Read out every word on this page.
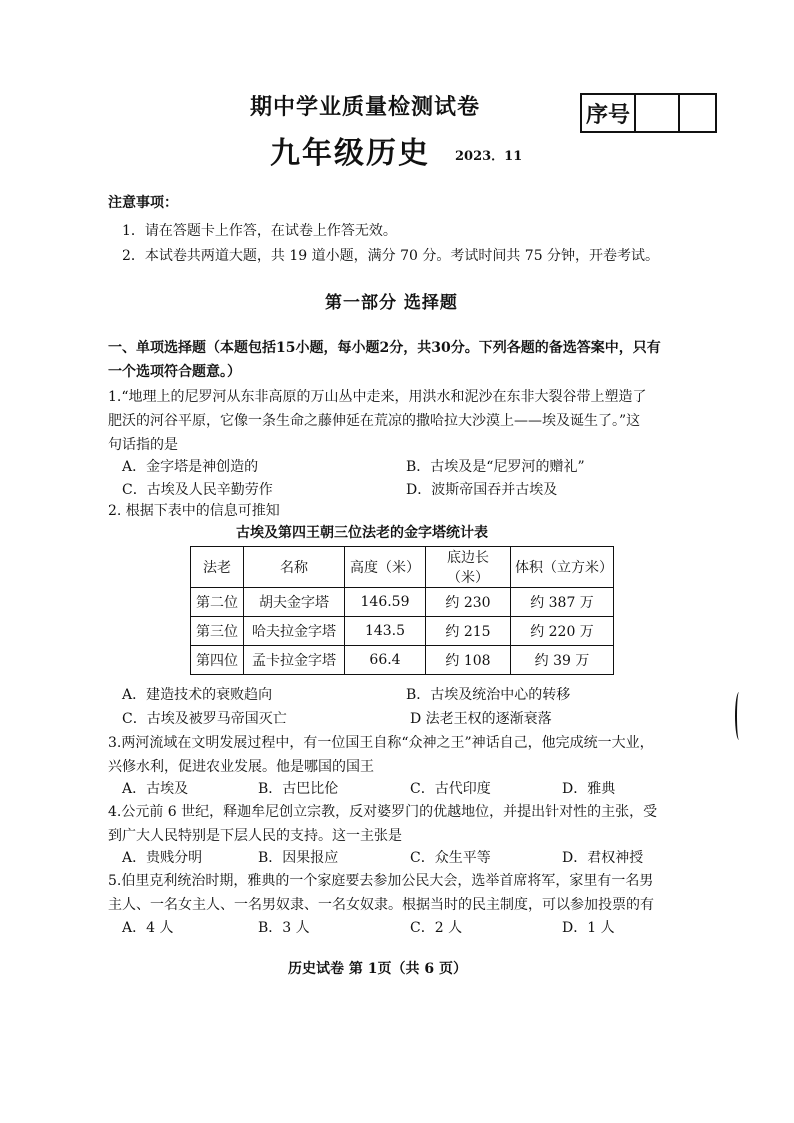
期中学业质量检测试卷
九年级历史 2023．11
序号
注意事项：
1．请在答题卡上作答，在试卷上作答无效。
2．本试卷共两道大题，共 19 道小题，满分 70 分。考试时间共 75 分钟，开卷考试。
第一部分 选择题
一、单项选择题（本题包括15小题，每小题2分，共30分。下列各题的备选答案中，只有
一个选项符合题意。）
1.“地理上的尼罗河从东非高原的万山丛中走来，用洪水和泥沙在东非大裂谷带上塑造了
肥沃的河谷平原，它像一条生命之藤伸延在荒凉的撒哈拉大沙漠上——埃及诞生了。”这
句话指的是
A．金字塔是神创造的	B．古埃及是“尼罗河的赠礼”
C．古埃及人民辛勤劳作	D．波斯帝国吞并古埃及
2. 根据下表中的信息可推知
古埃及第四王朝三位法老的金字塔统计表
法老	名称	高度（米）	底边长（米）	体积（立方米）
第二位	胡夫金字塔	146.59	约 230	约 387 万
第三位	哈夫拉金字塔	143.5	约 215	约 220 万
第四位	孟卡拉金字塔	66.4	约 108	约 39 万
A．建造技术的衰败趋向	B．古埃及统治中心的转移
C．古埃及被罗马帝国灭亡	D 法老王权的逐渐衰落
3.两河流域在文明发展过程中，有一位国王自称“众神之王”神话自己，他完成统一大业，
兴修水利，促进农业发展。他是哪国的国王
A．古埃及	B．古巴比伦	C．古代印度	D．雅典
4.公元前 6 世纪，释迦牟尼创立宗教，反对婆罗门的优越地位，并提出针对性的主张，受
到广大人民特别是下层人民的支持。这一主张是
A．贵贱分明	B．因果报应	C．众生平等	D．君权神授
5.伯里克利统治时期，雅典的一个家庭要去参加公民大会，选举首席将军，家里有一名男
主人、一名女主人、一名男奴隶、一名女奴隶。根据当时的民主制度，可以参加投票的有
A．4 人	B．3 人	C．2 人	D．1 人
历史试卷 第 1页（共 6 页）
